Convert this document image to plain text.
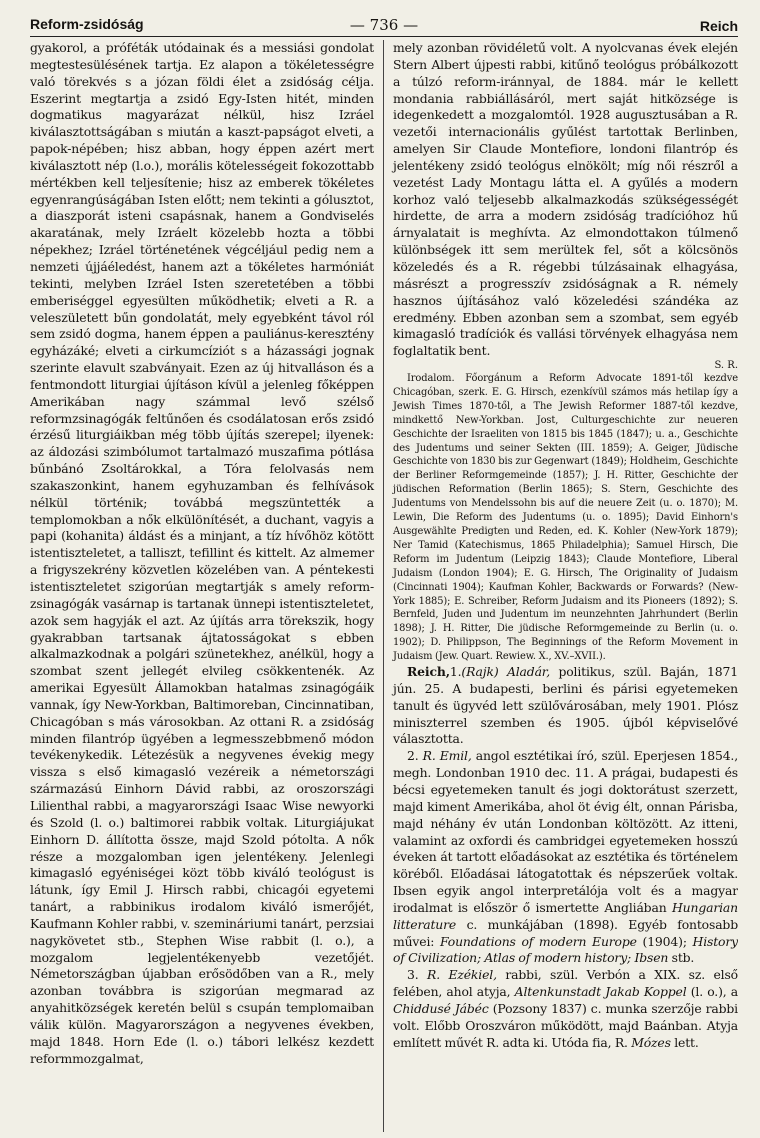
Reform-zsidóság	— 736 —	Reich

gyakorol, a próféták utódainak és a messiási gondolat megtestesülésének tartja. Ez alapon a tökéletességre való törekvés s a józan földi élet a zsidóság célja. Eszerint megtartja a zsidó Egy-Isten hitét, minden dogmatikus magyarázat nélkül, hisz Izráel kiválasztottságában s miután a kaszt-papságot elveti, a papok-népében; hisz abban, hogy éppen azért mert kiválasztott nép (l.o.), morális kötelességeit fokozottabb mértékben kell teljesítenie; hisz az emberek tökéletes egyenrangúságában Isten előtt; nem tekinti a gólusztot, a diaszporát isteni csapásnak, hanem a Gondviselés akaratának, mely Izráelt közelebb hozta a többi népekhez; Izráel történetének végcéljául pedig nem a nemzeti újjáéledést, hanem azt a tökéletes harmóniát tekinti, melyben Izráel Isten szeretetében a többi emberiséggel egyesülten működhetik; elveti a R. a veleszületett bűn gondolatát, mely egyebként távol ról sem zsidó dogma, hanem éppen a pauliánus-keresztény egyházáké; elveti a cirkumcíziót s a házassági jognak szerinte elavult szabványait. Ezen az új hitvalláson és a fentmondott liturgiai újításon kívül a jelenleg főképpen Amerikában nagy számmal levő szélső reformzsinagógák feltűnően és csodálatosan erős zsidó érzésű liturgiáikban még több újítás szerepel; ilyenek: az áldozási szimbólumot tartalmazó muszafima pótlása bűnbánó Zsoltárokkal, a Tóra felolvasás nem szakaszonkint, hanem egyhuzamban és felhívások nélkül történik; továbbá megszüntették a templomokban a nők elkülönítését, a duchant, vagyis a papi (kohanita) áldást és a minjant, a tíz hívőhöz kötött istentiszteletet, a talliszt, tefillint és kittelt. Az almemer a frigyszekrény közvetlen közelében van. A péntekesti istentiszteletet szigorúan megtartják s amely reform-zsinagógák vasárnap is tartanak ünnepi istentiszteletet, azok sem hagyják el azt. Az újítás arra törekszik, hogy gyakrabban tartsanak ájtatosságokat s ebben alkalmazkodnak a polgári szünetekhez, anélkül, hogy a szombat szent jellegét elvileg csökkentenék. Az amerikai Egyesült Államokban hatalmas zsinagógáik vannak, így New-Yorkban, Baltimoreban, Cincinnatiban, Chicagóban s más városokban. Az ottani R. a zsidóság minden filantróp ügyében a legmesszebbmenő módon tevékenykedik. Létezésük a negyvenes évekig megy vissza s első kimagasló vezéreik a németországi származású Einhorn Dávid rabbi, az oroszországi Lilienthal rabbi, a magyarországi Isaac Wise newyorki és Szold (l. o.) baltimorei rabbik voltak. Liturgiájukat Einhorn D. állította össze, majd Szold pótolta. A nők része a mozgalomban igen jelentékeny. Jelenlegi kimagasló egyéniségei közt több kiváló teológust is látunk, így Emil J. Hirsch rabbi, chicagói egyetemi tanárt, a rabbinikus irodalom kiváló ismerőjét, Kaufmann Kohler rabbi, v. szemináriumi tanárt, perzsiai nagykövetet stb., Stephen Wise rabbit (l. o.), a mozgalom legjelentékenyebb vezetőjét. Németországban újabban erősödőben van a R., mely azonban továbbra is szigorúan megmarad az anyahitközségek keretén belül s csupán templomaiban válik külön. Magyarországon a negyvenes években, majd 1848. Horn Ede (l. o.) tábori lelkész kezdett reformmozgalmat,

mely azonban rövidéletű volt. A nyolcvanas évek elején Stern Albert újpesti rabbi, kitűnő teológus próbálkozott a túlzó reform-iránnyal, de 1884. már le kellett mondania rabbiállásáról, mert saját hitközsége is idegenkedett a mozgalomtól. 1928 augusztusában a R. vezetői internacionális gyűlést tartottak Berlinben, amelyen Sir Claude Montefiore, londoni filantróp és jelentékeny zsidó teológus elnökölt; míg női részről a vezetést Lady Montagu látta el. A gyűlés a modern korhoz való teljesebb alkalmazkodás szükségességét hirdette, de arra a modern zsidóság tradícióhoz hű árnyalatait is meghívta. Az elmondottakon túlmenő különbségek itt sem merültek fel, sőt a kölcsönös közeledés és a R. régebbi túlzásainak elhagyása, másrészt a progresszív zsidóságnak a R. némely hasznos újításához való közeledési szándéka az eredmény. Ebben azonban sem a szombat, sem egyéb kimagasló tradíciók és vallási törvények elhagyása nem foglaltatik bent.

S. R.

Irodalom. Főorgánum a Reform Advocate 1891-től kezdve Chicagóban, szerk. E. G. Hirsch, ezenkívül számos más hetilap így a Jewish Times 1870-től, a The Jewish Reformer 1887-től kezdve, mindkettő New-Yorkban. Jost, Culturgeschichte zur neueren Geschichte der Israeliten von 1815 bis 1845 (1847); u. a., Geschichte des Judentums und seiner Sekten (III. 1859); A. Geiger, Jüdische Geschichte von 1830 bis zur Gegenwart (1849); Holdheim, Geschichte der Berliner Reformgemeinde (1857); J. H. Ritter, Geschichte der jüdischen Reformation (Berlin 1865); S. Stern, Geschichte des Judentums von Mendelssohn bis auf die neuere Zeit (u. o. 1870); M. Lewin, Die Reform des Judentums (u. o. 1895); David Einhorn's Ausgewählte Predigten und Reden, ed. K. Kohler (New-York 1879); Ner Tamid (Katechismus, 1865 Philadelphia); Samuel Hirsch, Die Reform im Judentum (Leipzig 1843); Claude Montefiore, Liberal Judaism (London 1904); E. G. Hirsch, The Originality of Judaism (Cincinnati 1904); Kaufman Kohler, Backwards or Forwards? (New-York 1885); E. Schreiber, Reform Judaism and its Pioneers (1892); S. Bernfeld, Juden und Judentum im neunzehnten Jahrhundert (Berlin 1898); J. H. Ritter, Die jüdische Reformgemeinde zu Berlin (u. o. 1902); D. Philippson, The Beginnings of the Reform Movement in Judaism (Jew. Quart. Rewiew. X., XV.–XVII.).

Reich,1.(Rajk) Aladár, politikus, szül. Baján, 1871 jún. 25. A budapesti, berlini és párisi egyetemeken tanult és ügyvéd lett szülővárosában, mely 1901. Plósz miniszterrel szemben és 1905. újból képviselővé választotta.

2. R. Emil, angol esztétikai író, szül. Eperjesen 1854., megh. Londonban 1910 dec. 11. A prágai, budapesti és bécsi egyetemeken tanult és jogi doktorátust szerzett, majd kiment Amerikába, ahol öt évig élt, onnan Párisba, majd néhány év után Londonban költözött. Az itteni, valamint az oxfordi és cambridgei egyetemeken hosszú éveken át tartott előadásokat az esztétika és történelem köréből. Előadásai látogatottak és népszerűek voltak. Ibsen egyik angol interpretálója volt és a magyar irodalmat is először ő ismertette Angliában Hungarian litterature c. munkájában (1898). Egyéb fontosabb művei: Foundations of modern Europe (1904); History of Civilization; Atlas of modern history; Ibsen stb.

3. R. Ezékiel, rabbi, szül. Verbón a XIX. sz. első felében, ahol atyja, Altenkunstadt Jakab Koppel (l. o.), a Chiddusé Jábéc (Pozsony 1837) c. munka szerzője rabbi volt. Előbb Oroszváron működött, majd Baánban. Atyja említett művét R. adta ki. Utóda fia, R. Mózes lett.
